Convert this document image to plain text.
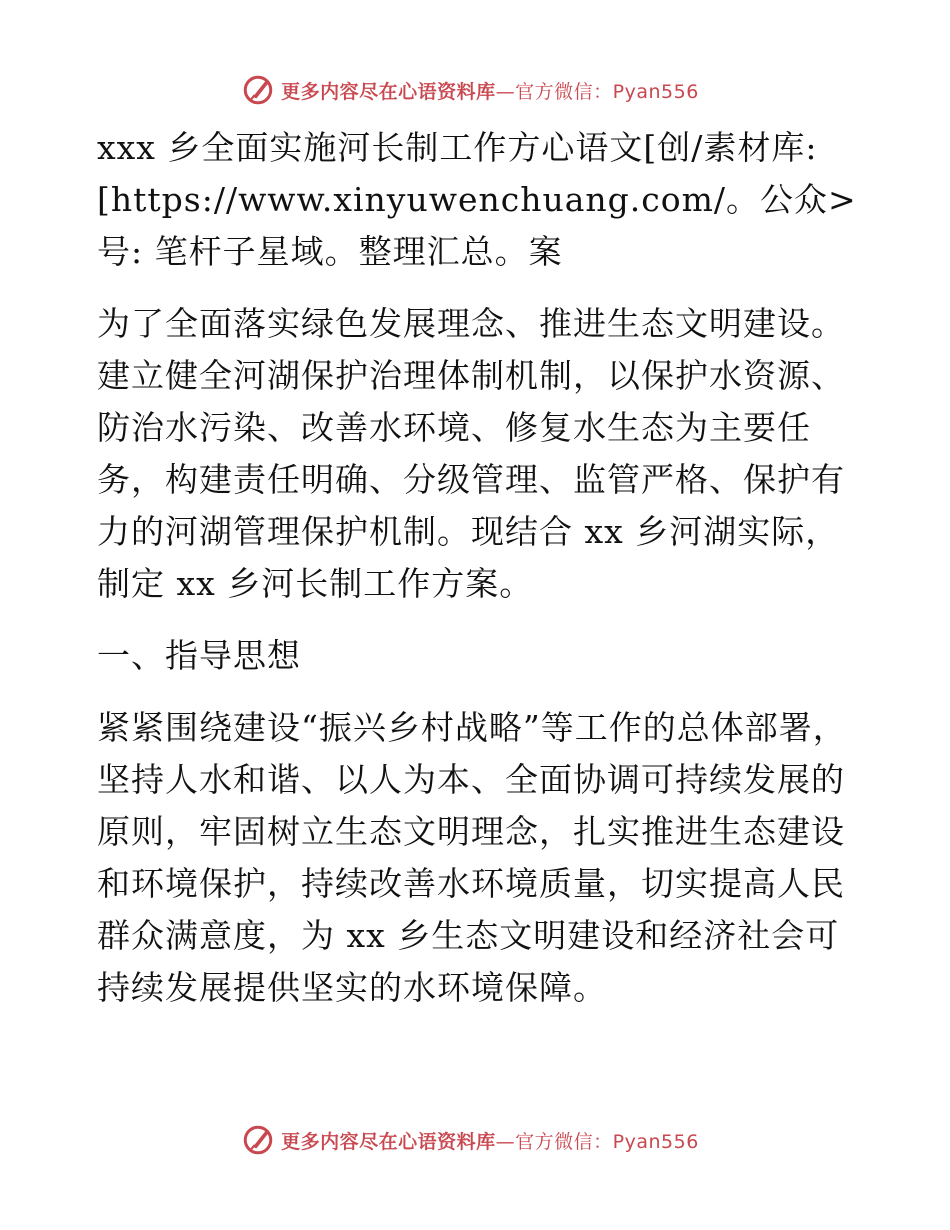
更多内容尽在心语资料库—官方微信：Pyan556

xxx 乡全面实施河长制工作方心语文[创/素材库: [https://www.xinyuwenchuang.com/。公众>号: 笔杆子星域。整理汇总。案

为了全面落实绿色发展理念、推进生态文明建设。建立健全河湖保护治理体制机制，以保护水资源、防治水污染、改善水环境、修复水生态为主要任务，构建责任明确、分级管理、监管严格、保护有力的河湖管理保护机制。现结合 xx 乡河湖实际，制定 xx 乡河长制工作方案。

一、指导思想

紧紧围绕建设“振兴乡村战略”等工作的总体部署，坚持人水和谐、以人为本、全面协调可持续发展的原则，牢固树立生态文明理念，扎实推进生态建设和环境保护，持续改善水环境质量，切实提高人民群众满意度，为 xx 乡生态文明建设和经济社会可持续发展提供坚实的水环境保障。

更多内容尽在心语资料库—官方微信：Pyan556
